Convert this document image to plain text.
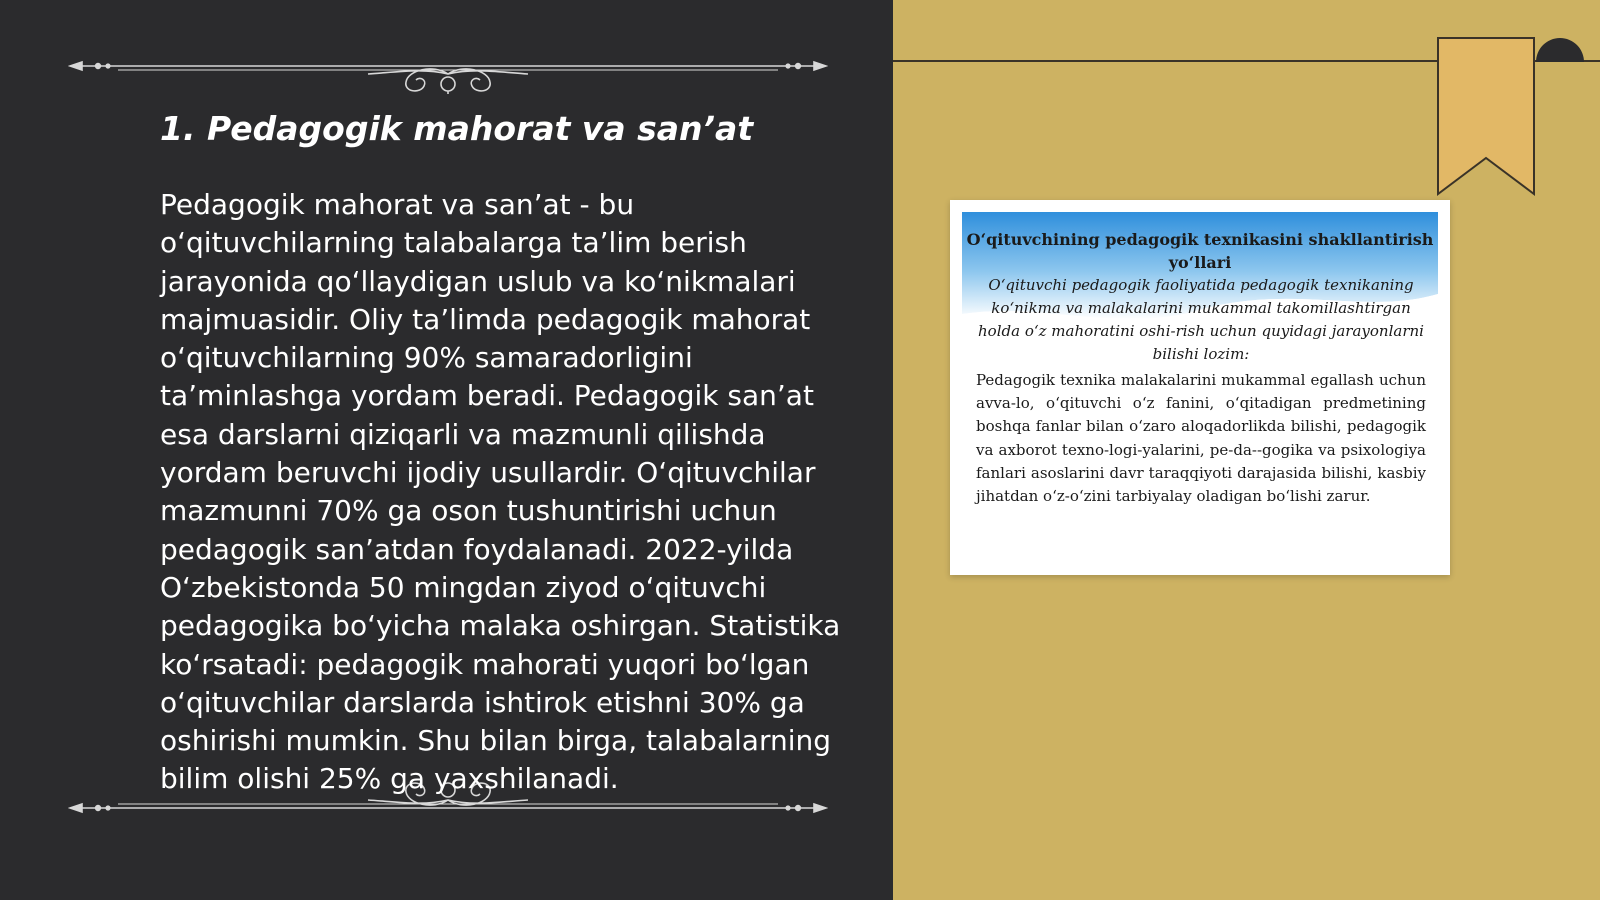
1. Pedagogik mahorat va san’at

Pedagogik mahorat va san’at - bu o‘qituvchilarning talabalarga ta’lim berish jarayonida qo‘llaydigan uslub va ko‘nikmalari majmuasidir. Oliy ta’limda pedagogik mahorat o‘qituvchilarning 90% samaradorligini ta’minlashga yordam beradi. Pedagogik san’at esa darslarni qiziqarli va mazmunli qilishda yordam beruvchi ijodiy usullardir. O‘qituvchilar mazmunni 70% ga oson tushuntirishi uchun pedagogik san’atdan foydalanadi. 2022-yilda O‘zbekistonda 50 mingdan ziyod o‘qituvchi pedagogika bo‘yicha malaka oshirgan. Statistika ko‘rsatadi: pedagogik mahorati yuqori bo‘lgan o‘qituvchilar darslarda ishtirok etishni 30% ga oshirishi mumkin. Shu bilan birga, talabalarning bilim olishi 25% ga yaxshilanadi.

O‘qituvchining pedagogik texnikasini shakllantirish yo‘llari

O‘qituvchi pedagogik faoliyatida pedagogik texnikaning ko‘nikma va malakalarini mukammal takomillashtirgan holda o‘z mahoratini oshi-rish uchun quyidagi jarayonlarni bilishi lozim:

Pedagogik texnika malakalarini mukammal egallash uchun avva-lo, o‘qituvchi o‘z fanini, o‘qitadigan predmetining boshqa fanlar bilan o‘zaro aloqadorlikda bilishi, pedagogik va axborot texno-logi-yalarini, pe-da--gogika va psixologiya fanlari asoslarini davr taraqqiyoti darajasida bilishi, kasbiy jihatdan o‘z-o‘zini tarbiyalay oladigan bo‘lishi zarur.
